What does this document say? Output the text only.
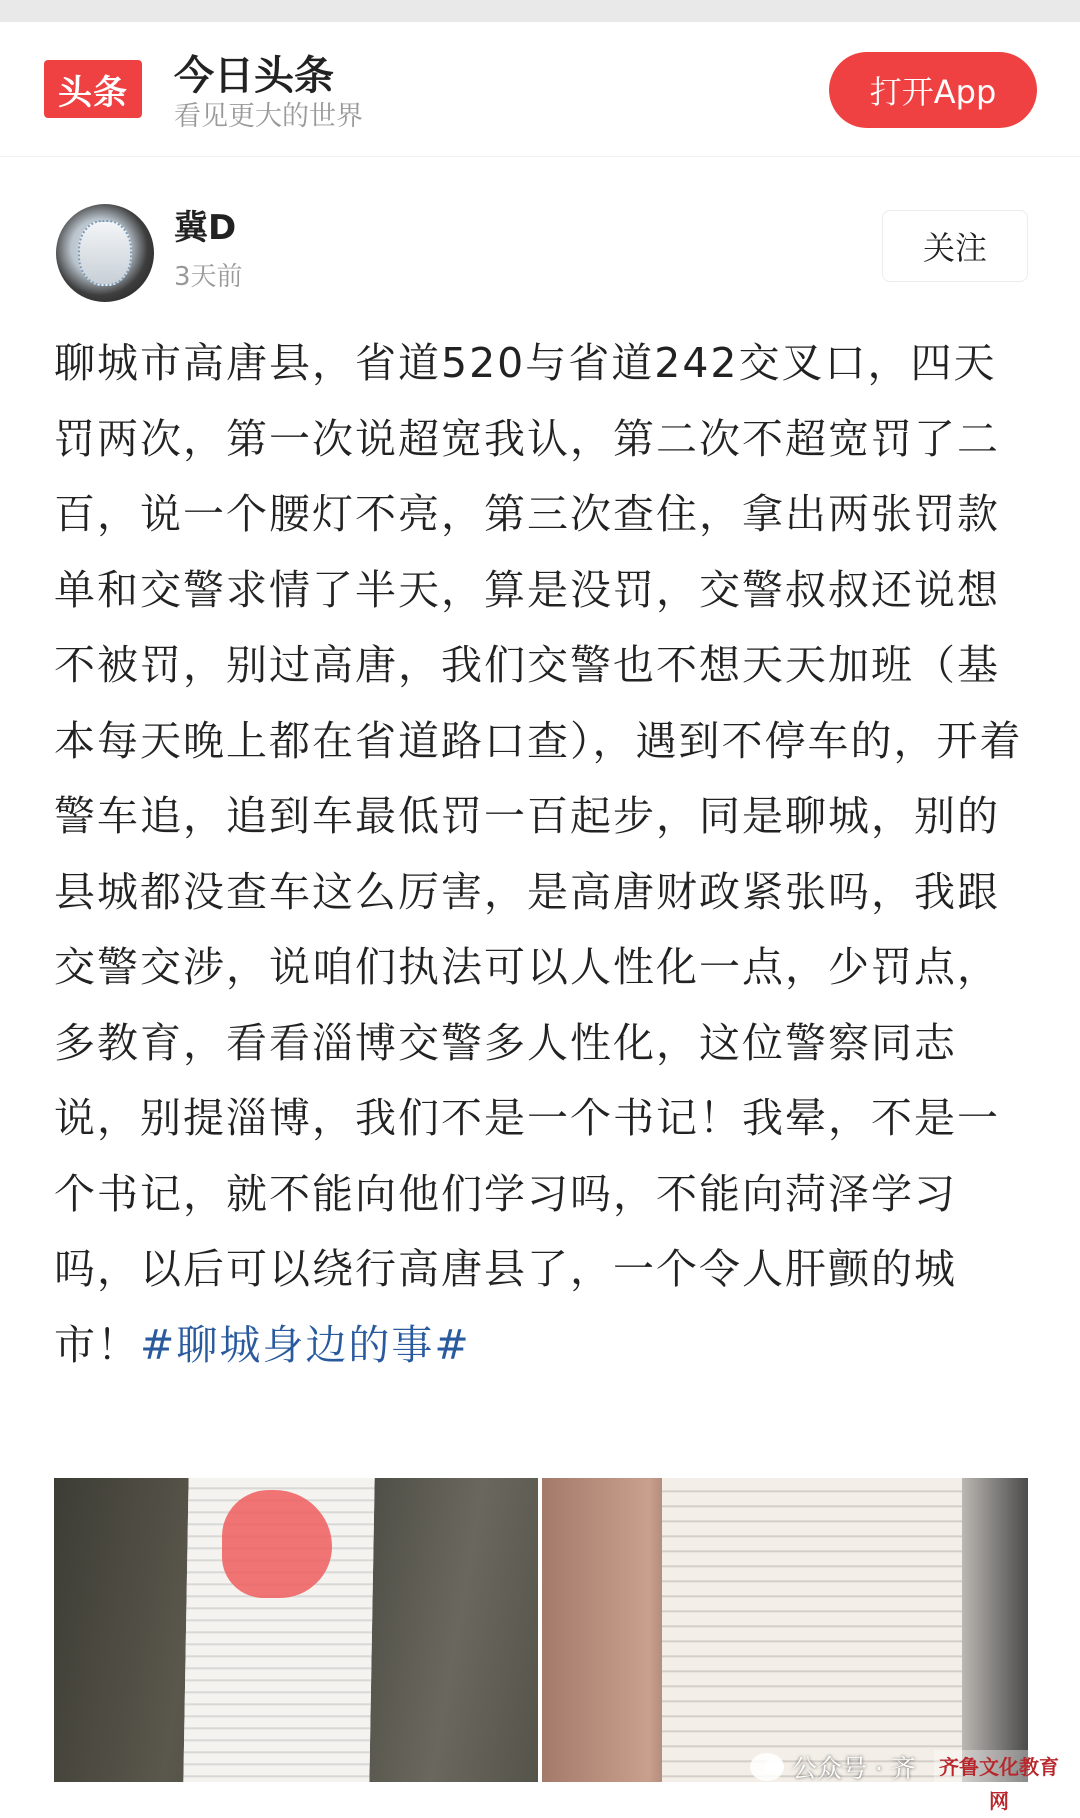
头条	今日头条
看见更大的世界
打开App
冀D
3天前
关注

聊城市高唐县，省道520与省道242交叉口，四天罚两次，第一次说超宽我认，第二次不超宽罚了二百，说一个腰灯不亮，第三次查住，拿出两张罚款单和交警求情了半天，算是没罚，交警叔叔还说想不被罚，别过高唐，我们交警也不想天天加班（基本每天晚上都在省道路口查），遇到不停车的，开着警车追，追到车最低罚一百起步，同是聊城，别的县城都没查车这么厉害，是高唐财政紧张吗，我跟交警交涉，说咱们执法可以人性化一点，少罚点，多教育，看看淄博交警多人性化，这位警察同志说，别提淄博，我们不是一个书记！我晕，不是一个书记，就不能向他们学习吗，不能向菏泽学习吗，以后可以绕行高唐县了，一个令人肝颤的城市！#聊城身边的事#

公众号 · 齐 齐鲁文化教育网
